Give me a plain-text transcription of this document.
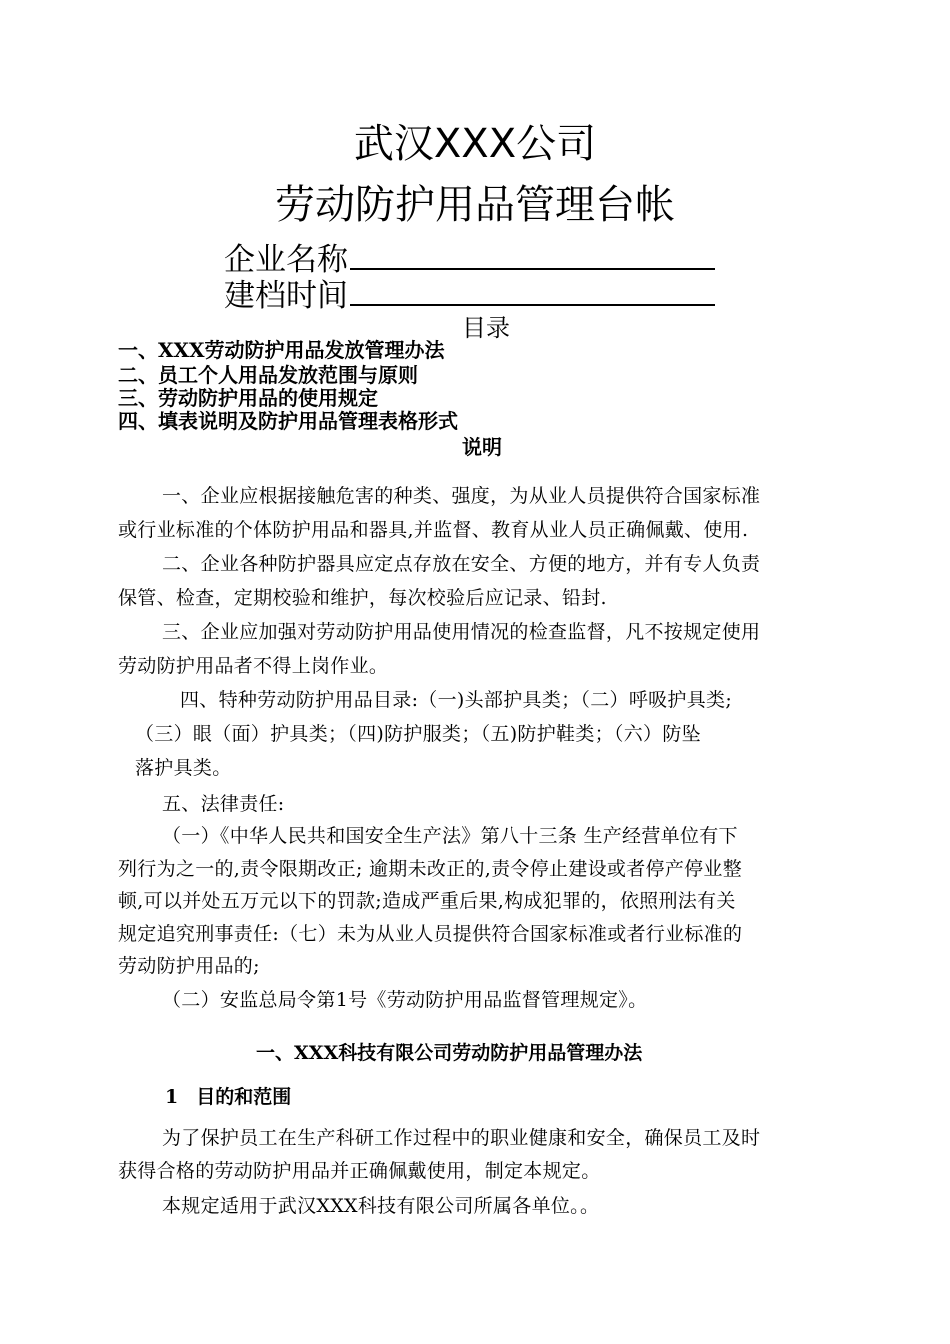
武汉XXX公司
劳动防护用品管理台帐
企业名称
建档时间
目录
一、XXX劳动防护用品发放管理办法
二、员工个人用品发放范围与原则
三、劳动防护用品的使用规定
四、填表说明及防护用品管理表格形式
说明
一、企业应根据接触危害的种类、强度，为从业人员提供符合国家标准
或行业标准的个体防护用品和器具,并监督、教育从业人员正确佩戴、使用.
二、企业各种防护器具应定点存放在安全、方便的地方，并有专人负责
保管、检查，定期校验和维护，每次校验后应记录、铅封.
三、企业应加强对劳动防护用品使用情况的检查监督，凡不按规定使用
劳动防护用品者不得上岗作业。
四、特种劳动防护用品目录:（一)头部护具类；（二）呼吸护具类;
（三）眼（面）护具类；（四)防护服类；（五)防护鞋类；（六）防坠
落护具类。
五、法律责任:
（一）《中华人民共和国安全生产法》第八十三条 生产经营单位有下
列行为之一的,责令限期改正; 逾期未改正的,责令停止建设或者停产停业整
顿,可以并处五万元以下的罚款;造成严重后果,构成犯罪的，依照刑法有关
规定追究刑事责任:（七）未为从业人员提供符合国家标准或者行业标准的
劳动防护用品的;
（二）安监总局令第1号《劳动防护用品监督管理规定》。
一、XXX科技有限公司劳动防护用品管理办法
1 目的和范围
为了保护员工在生产科研工作过程中的职业健康和安全，确保员工及时
获得合格的劳动防护用品并正确佩戴使用，制定本规定。
本规定适用于武汉XXX科技有限公司所属各单位。。
